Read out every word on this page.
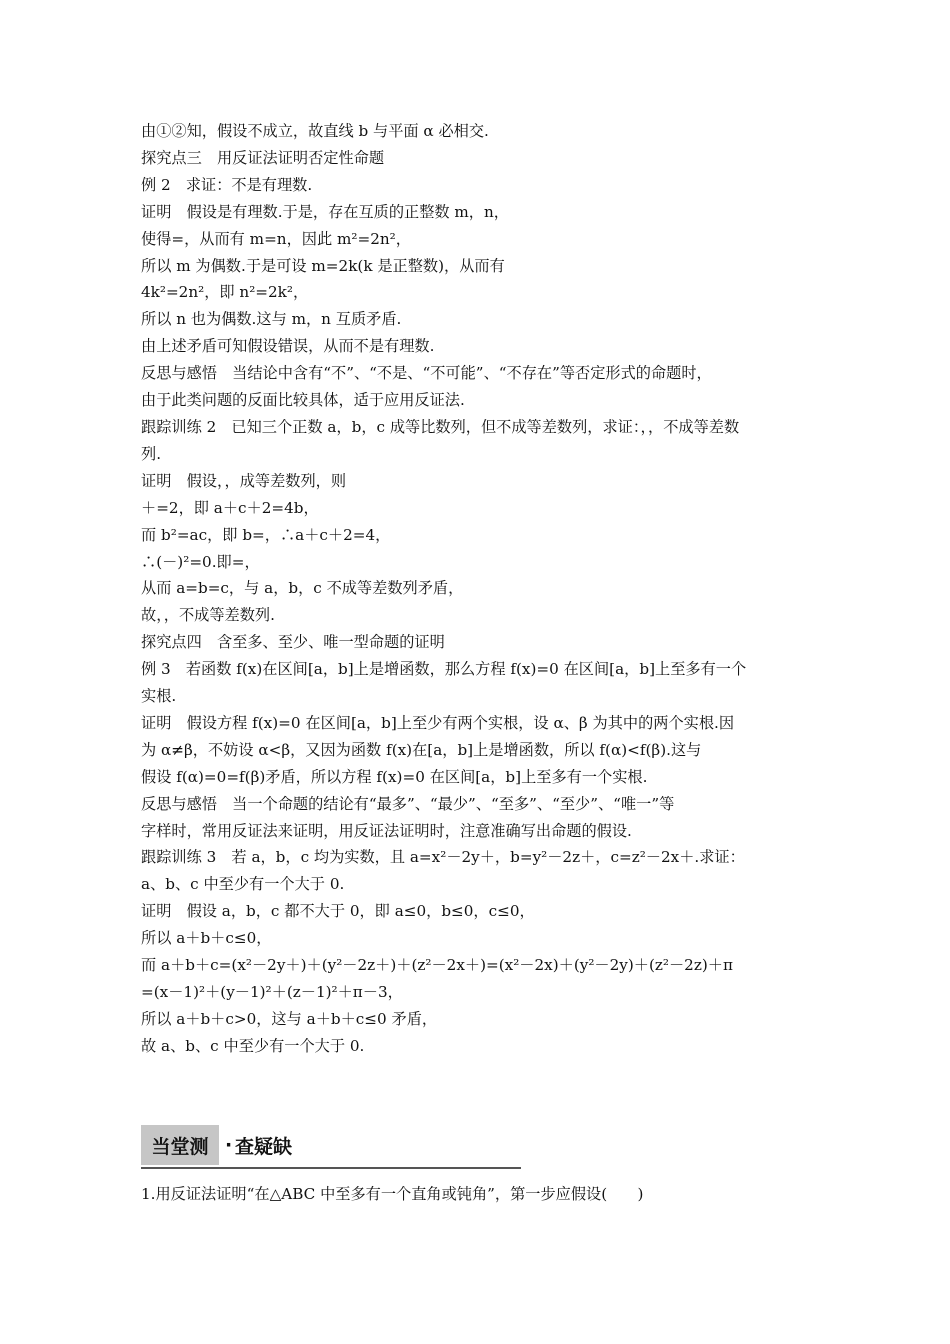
由①②知，假设不成立，故直线 b 与平面 α 必相交.
探究点三　用反证法证明否定性命题
例 2　求证：不是有理数.
证明　假设是有理数.于是，存在互质的正整数 m，n，
使得=，从而有 m=n，因此 m²=2n²，
所以 m 为偶数.于是可设 m=2k(k 是正整数)，从而有
4k²=2n²，即 n²=2k²，
所以 n 也为偶数.这与 m，n 互质矛盾.
由上述矛盾可知假设错误，从而不是有理数.
反思与感悟　当结论中含有“不”、“不是、“不可能”、“不存在”等否定形式的命题时，
由于此类问题的反面比较具体，适于应用反证法.
跟踪训练 2　已知三个正数 a，b，c 成等比数列，但不成等差数列，求证：，，不成等差数
列.
证明　假设，，成等差数列，则
＋=2，即 a＋c＋2=4b，
而 b²=ac，即 b=，∴a＋c＋2=4，
∴(－)²=0.即=，
从而 a=b=c，与 a，b，c 不成等差数列矛盾，
故，，不成等差数列.
探究点四　含至多、至少、唯一型命题的证明
例 3　若函数 f(x)在区间[a，b]上是增函数，那么方程 f(x)=0 在区间[a，b]上至多有一个
实根.
证明　假设方程 f(x)=0 在区间[a，b]上至少有两个实根，设 α、β 为其中的两个实根.因
为 α≠β，不妨设 α<β，又因为函数 f(x)在[a，b]上是增函数，所以 f(α)<f(β).这与
假设 f(α)=0=f(β)矛盾，所以方程 f(x)=0 在区间[a，b]上至多有一个实根.
反思与感悟　当一个命题的结论有“最多”、“最少”、“至多”、“至少”、“唯一”等
字样时，常用反证法来证明，用反证法证明时，注意准确写出命题的假设.
跟踪训练 3　若 a，b，c 均为实数，且 a=x²－2y＋，b=y²－2z＋，c=z²－2x＋.求证：
a、b、c 中至少有一个大于 0.
证明　假设 a，b，c 都不大于 0，即 a≤0，b≤0，c≤0，
所以 a＋b＋c≤0，
而 a＋b＋c=(x²－2y＋)＋(y²－2z＋)＋(z²－2x＋)=(x²－2x)＋(y²－2y)＋(z²－2z)＋π
=(x－1)²＋(y－1)²＋(z－1)²＋π－3，
所以 a＋b＋c>0，这与 a＋b＋c≤0 矛盾，
故 a、b、c 中至少有一个大于 0.
当堂测 · 查疑缺
1.用反证法证明“在△ABC 中至多有一个直角或钝角”，第一步应假设(　　)
